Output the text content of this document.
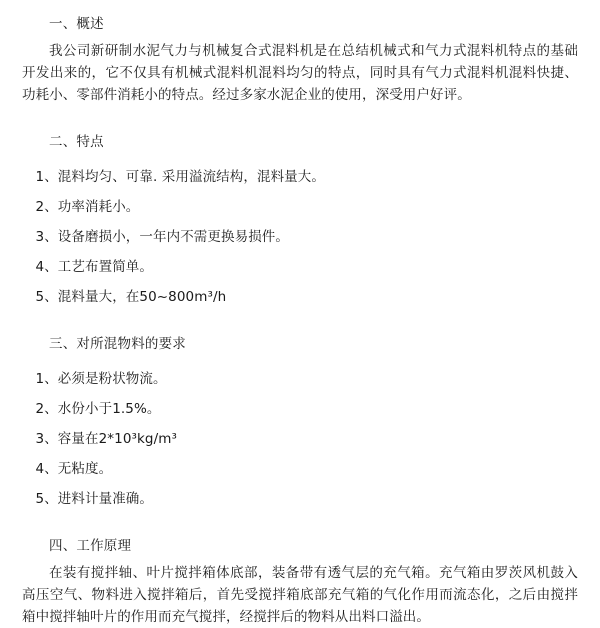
一、概述

我公司新研制水泥气力与机械复合式混料机是在总结机械式和气力式混料机特点的基础开发出来的，它不仅具有机械式混料机混料均匀的特点，同时具有气力式混料机混料快捷、功耗小、零部件消耗小的特点。经过多家水泥企业的使用，深受用户好评。

二、特点

1、混料均匀、可靠. 采用溢流结构，混料量大。

2、功率消耗小。

3、设备磨损小，一年内不需更换易损件。

4、工艺布置简单。

5、混料量大，在50~800m³/h

三、对所混物料的要求

1、必须是粉状物流。

2、水份小于1.5%。

3、容量在2*10³kg/m³

4、无粘度。

5、进料计量准确。

四、工作原理

在装有搅拌轴、叶片搅拌箱体底部，装备带有透气层的充气箱。充气箱由罗茨风机鼓入高压空气、物料进入搅拌箱后，首先受搅拌箱底部充气箱的气化作用而流态化，之后由搅拌箱中搅拌轴叶片的作用而充气搅拌，经搅拌后的物料从出料口溢出。
